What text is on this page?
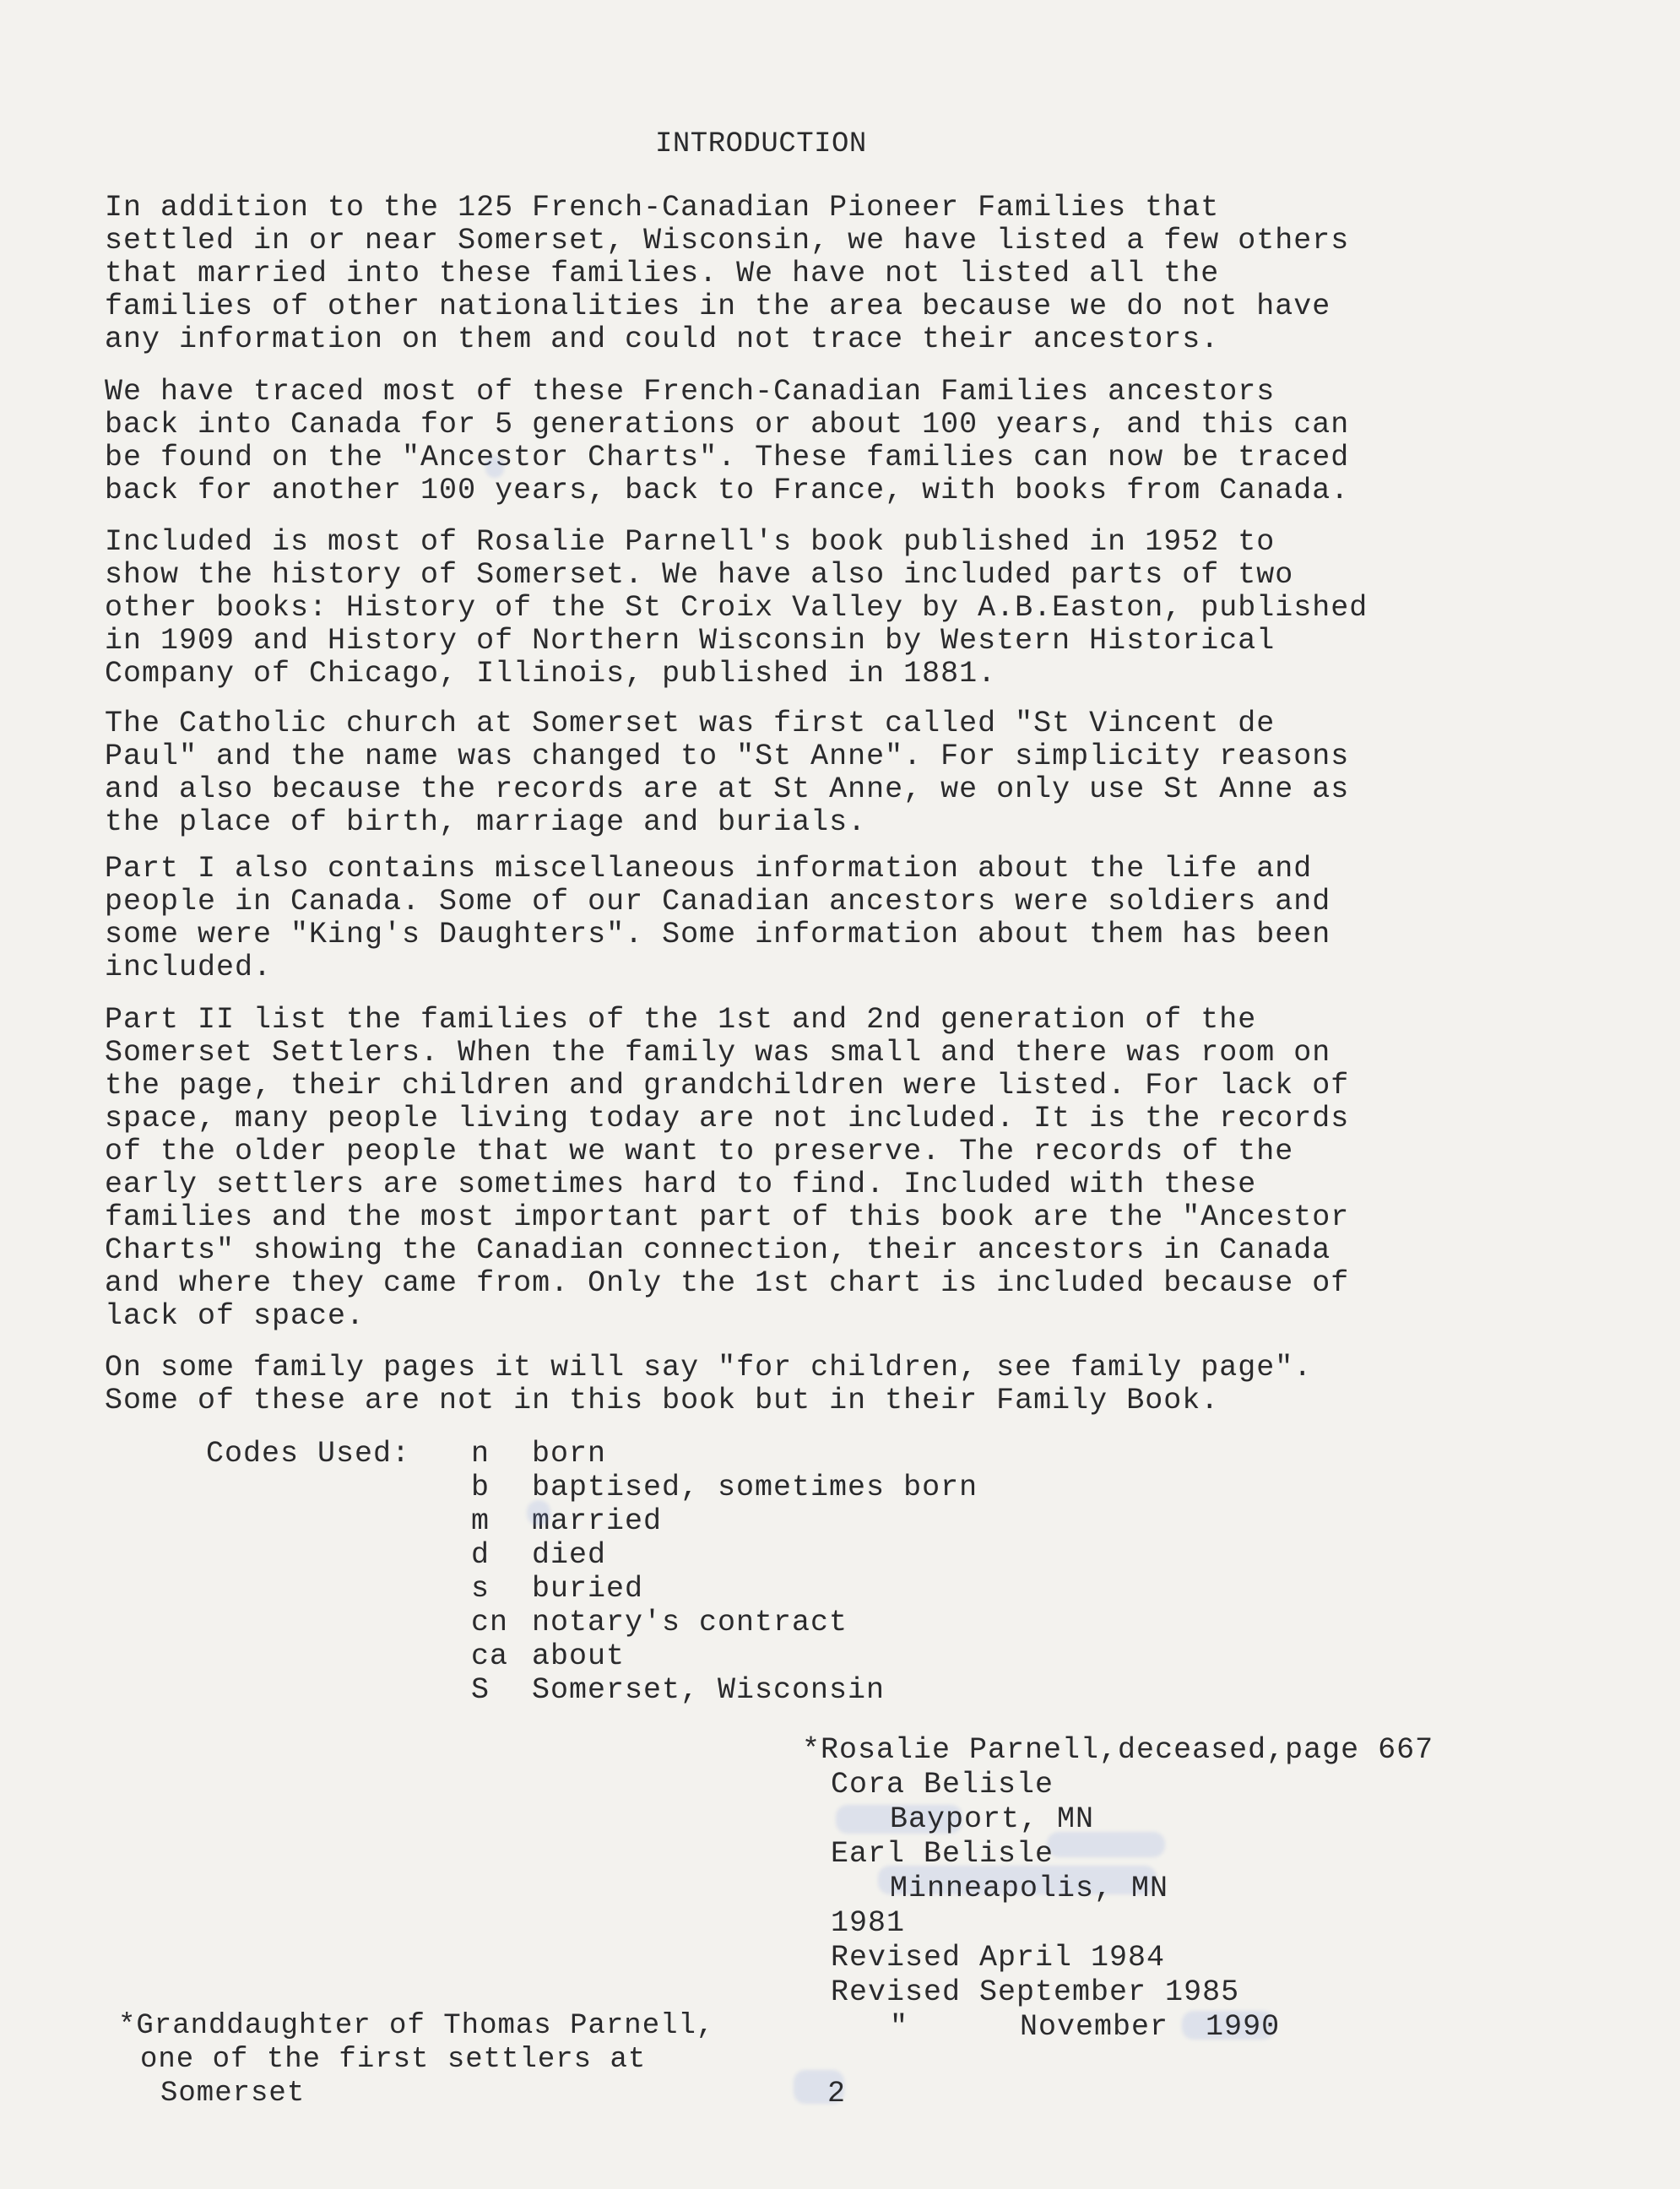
INTRODUCTION

In addition to the 125 French-Canadian Pioneer Families that
settled in or near Somerset, Wisconsin, we have listed a few others
that married into these families. We have not listed all the
families of other nationalities in the area because we do not have
any information on them and could not trace their ancestors.

We have traced most of these French-Canadian Families ancestors
back into Canada for 5 generations or about 100 years, and this can
be found on the "Ancestor Charts". These families can now be traced
back for another 100 years, back to France, with books from Canada.

Included is most of Rosalie Parnell's book published in 1952 to
show the history of Somerset. We have also included parts of two
other books: History of the St Croix Valley by A.B.Easton, published
in 1909 and History of Northern Wisconsin by Western Historical
Company of Chicago, Illinois, published in 1881.

The Catholic church at Somerset was first called "St Vincent de
Paul" and the name was changed to "St Anne". For simplicity reasons
and also because the records are at St Anne, we only use St Anne as
the place of birth, marriage and burials.

Part I also contains miscellaneous information about the life and
people in Canada. Some of our Canadian ancestors were soldiers and
some were "King's Daughters". Some information about them has been
included.

Part II list the families of the 1st and 2nd generation of the
Somerset Settlers. When the family was small and there was room on
the page, their children and grandchildren were listed. For lack of
space, many people living today are not included. It is the records
of the older people that we want to preserve. The records of the
early settlers are sometimes hard to find. Included with these
families and the most important part of this book are the "Ancestor
Charts" showing the Canadian connection, their ancestors in Canada
and where they came from. Only the 1st chart is included because of
lack of space.

On some family pages it will say "for children, see family page".
Some of these are not in this book but in their Family Book.

Codes Used: n born
b baptised, sometimes born
m married
d died
s buried
cn notary's contract
ca about
S Somerset, Wisconsin
*Rosalie Parnell,deceased,page 667
Cora Belisle
Bayport, MN
Earl Belisle
Minneapolis, MN
1981
Revised April 1984
Revised September 1985
"      November  1990
*Granddaughter of Thomas Parnell,
one of the first settlers at
Somerset	2
